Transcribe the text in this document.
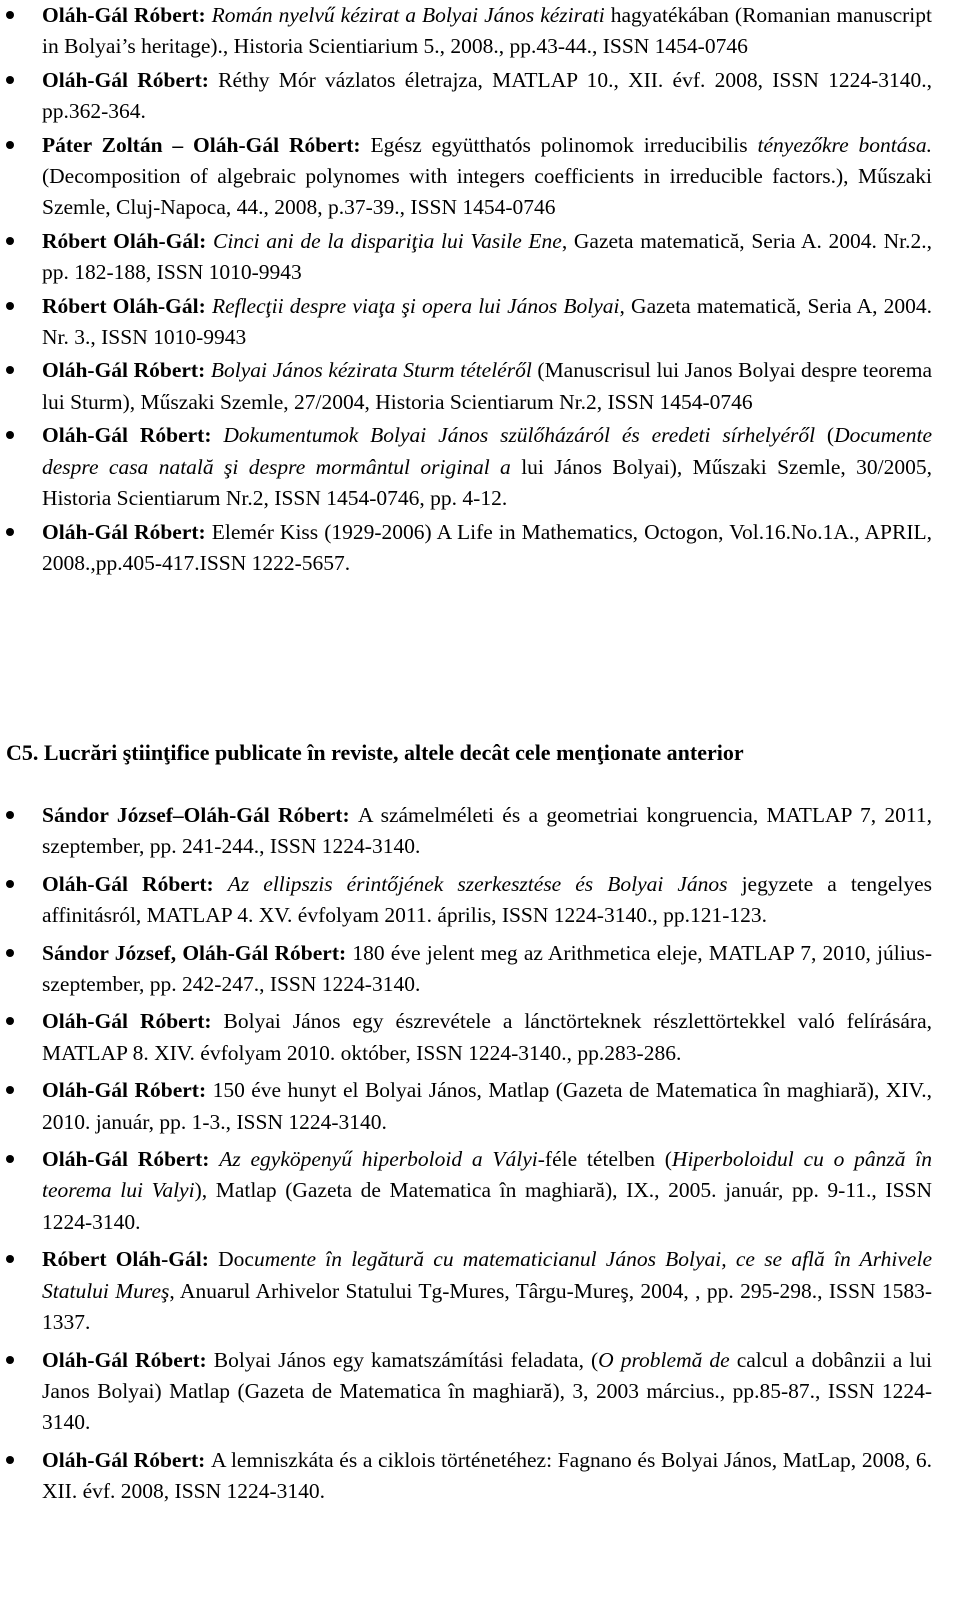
Oláh-Gál Róbert: Román nyelvű kézirat a Bolyai János kézirati hagyatékában (Romanian manuscript in Bolyai’s heritage)., Historia Scientiarium 5., 2008., pp.43-44., ISSN 1454-0746
Oláh-Gál Róbert: Réthy Mór vázlatos életrajza, MATLAP 10., XII. évf. 2008, ISSN 1224-3140., pp.362-364.
Páter Zoltán – Oláh-Gál Róbert: Egész együtthatós polinomok irreducibilis tényezőkre bontása.(Decomposition of algebraic polynomes with integers coefficients in irreducible factors.), Műszaki Szemle, Cluj-Napoca, 44., 2008, p.37-39., ISSN 1454-0746
Róbert Oláh-Gál: Cinci ani de la dispariţia lui Vasile Ene, Gazeta matematică, Seria A. 2004. Nr.2., pp. 182-188, ISSN 1010-9943
Róbert Oláh-Gál: Reflecţii despre viaţa şi opera lui János Bolyai, Gazeta matematică, Seria A, 2004. Nr. 3., ISSN 1010-9943
Oláh-Gál Róbert: Bolyai János kézirata Sturm tételéről (Manuscrisul lui Janos Bolyai despre teorema lui Sturm), Műszaki Szemle, 27/2004, Historia Scientiarum Nr.2, ISSN 1454-0746
Oláh-Gál Róbert: Dokumentumok Bolyai János szülőházáról és eredeti sírhelyéről (Documente despre casa natală şi despre mormântul original a lui János Bolyai), Műszaki Szemle, 30/2005, Historia Scientiarum Nr.2, ISSN 1454-0746, pp. 4-12.
Oláh-Gál Róbert: Elemér Kiss (1929-2006) A Life in Mathematics, Octogon, Vol.16.No.1A., APRIL, 2008.,pp.405-417.ISSN 1222-5657.
C5. Lucrări ştiinţifice publicate în reviste, altele decât cele menţionate anterior
Sándor József–Oláh-Gál Róbert: A számelméleti és a geometriai kongruencia, MATLAP 7, 2011, szeptember, pp. 241-244., ISSN 1224-3140.
Oláh-Gál Róbert: Az ellipszis érintőjének szerkesztése és Bolyai János jegyzete a tengelyes affinitásról, MATLAP 4. XV. évfolyam 2011. április, ISSN 1224-3140., pp.121-123.
Sándor József, Oláh-Gál Róbert: 180 éve jelent meg az Arithmetica eleje, MATLAP 7, 2010, július-szeptember, pp. 242-247., ISSN 1224-3140.
Oláh-Gál Róbert: Bolyai János egy észrevétele a lánctörteknek részlettörtekkel való felírására, MATLAP 8. XIV. évfolyam 2010. október, ISSN 1224-3140., pp.283-286.
Oláh-Gál Róbert: 150 éve hunyt el Bolyai János, Matlap (Gazeta de Matematica în maghiară), XIV., 2010. január, pp. 1-3., ISSN 1224-3140.
Oláh-Gál Róbert: Az egyköpenyű hiperboloid a Vályi-féle tételben (Hiperboloidul cu o pânză în teorema lui Valyi), Matlap (Gazeta de Matematica în maghiară), IX., 2005. január, pp. 9-11., ISSN 1224-3140.
Róbert Oláh-Gál: Documente în legătură cu matematicianul János Bolyai, ce se află în Arhivele Statului Mureş, Anuarul Arhivelor Statului Tg-Mures, Târgu-Mureş, 2004, , pp. 295-298., ISSN 1583-1337.
Oláh-Gál Róbert: Bolyai János egy kamatszámítási feladata, (O problemă de calcul a dobânzii a lui Janos Bolyai) Matlap (Gazeta de Matematica în maghiară), 3, 2003 március., pp.85-87., ISSN 1224-3140.
Oláh-Gál Róbert: A lemniszkáta és a ciklois történetéhez: Fagnano és Bolyai János, MatLap, 2008, 6. XII. évf. 2008, ISSN 1224-3140.
